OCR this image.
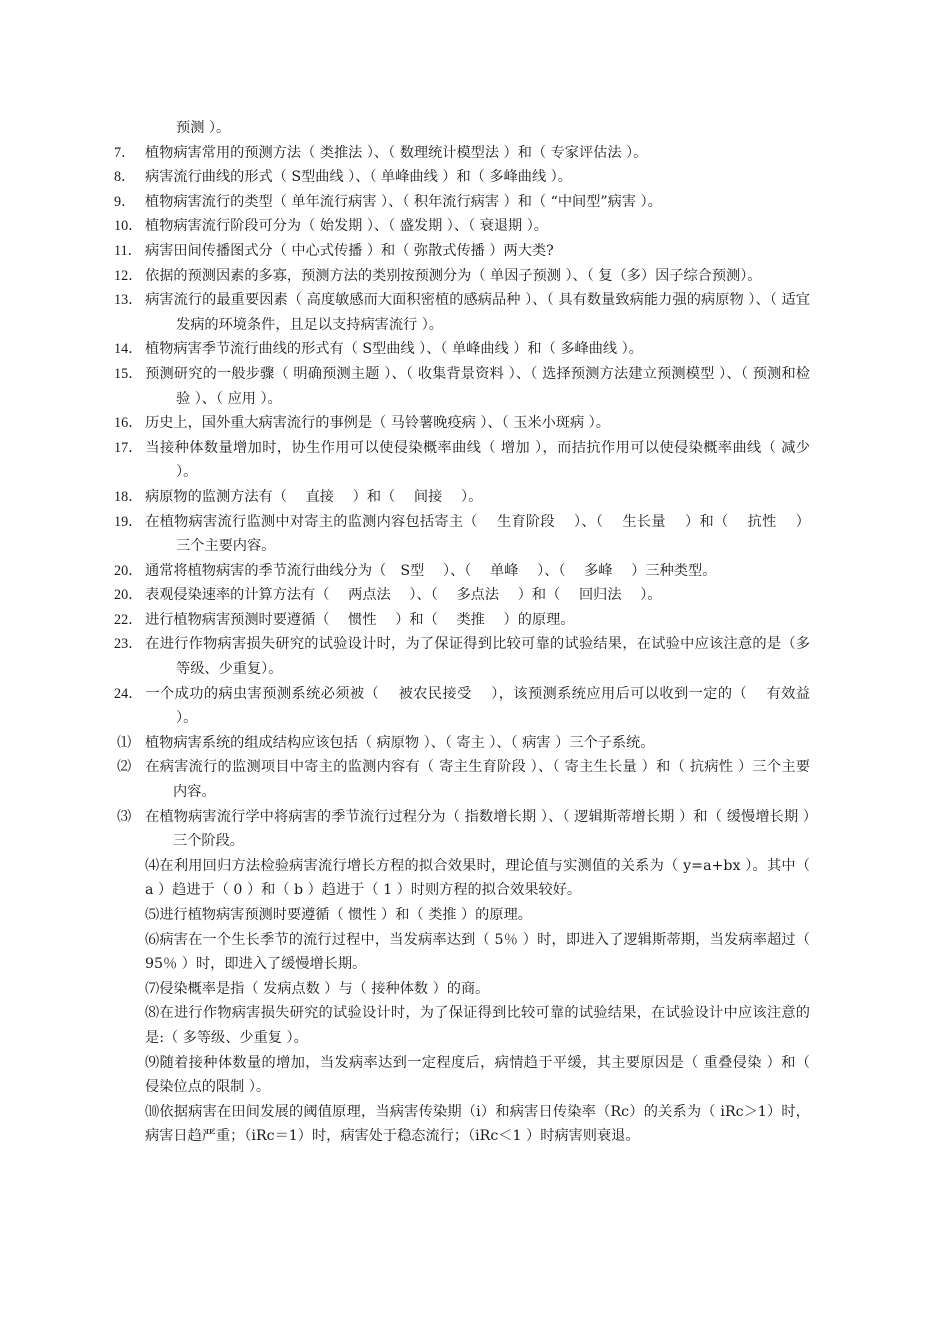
预测 ）。

7． 植物病害常用的预测方法（ 类推法 ）、（ 数理统计模型法 ）和（ 专家评估法 ）。

8． 病害流行曲线的形式（ S型曲线 ）、（ 单峰曲线 ）和（ 多峰曲线 ）。

9． 植物病害流行的类型（ 单年流行病害 ）、（ 积年流行病害 ）和（ “中间型”病害 ）。

10． 植物病害流行阶段可分为（ 始发期 ）、（ 盛发期 ）、（ 衰退期 ）。

11． 病害田间传播图式分（ 中心式传播 ）和（ 弥散式传播 ）两大类?

12． 依据的预测因素的多寡，预测方法的类别按预测分为（ 单因子预测 ）、（ 复（多）因子综合预测）。

13． 病害流行的最重要因素（ 高度敏感而大面积密植的感病品种 ）、（ 具有数量致病能力强的病原物 ）、（ 适宜发病的环境条件，且足以支持病害流行 ）。

14． 植物病害季节流行曲线的形式有（ S型曲线 ）、（ 单峰曲线 ）和（ 多峰曲线 ）。

15． 预测研究的一般步骤（ 明确预测主题 ）、（ 收集背景资料 ）、（ 选择预测方法建立预测模型 ）、（ 预测和检验 ）、（ 应用 ）。

16． 历史上，国外重大病害流行的事例是（ 马铃薯晚疫病 ）、（ 玉米小斑病 ）。

17． 当接种体数量增加时，协生作用可以使侵染概率曲线（ 增加 ），而拮抗作用可以使侵染概率曲线（ 减少 ）。

18． 病原物的监测方法有（　 直接　 ）和（　 间接　 ）。

19． 在植物病害流行监测中对寄主的监测内容包括寄主（　 生育阶段　 ）、（　 生长量　 ）和（　 抗性　 ）三个主要内容。

20． 通常将植物病害的季节流行曲线分为（　S型　 ）、（　 单峰　 ）、（　 多峰　 ）三种类型。

20． 表观侵染速率的计算方法有（　 两点法　 ）、（　 多点法　 ）和（　 回归法　 ）。

22． 进行植物病害预测时要遵循（　 惯性　 ）和（　 类推　 ）的原理。

23． 在进行作物病害损失研究的试验设计时，为了保证得到比较可靠的试验结果，在试验中应该注意的是（多等级、少重复）。

24． 一个成功的病虫害预测系统必须被（　 被农民接受　 ），该预测系统应用后可以收到一定的（　 有效益　 ）。

⑴植物病害系统的组成结构应该包括（ 病原物 ）、（ 寄主 ）、（ 病害 ）三个子系统。

⑵在病害流行的监测项目中寄主的监测内容有（ 寄主生育阶段 ）、（ 寄主生长量 ）和（ 抗病性 ）三个主要内容。

⑶在植物病害流行学中将病害的季节流行过程分为（ 指数增长期 ）、（ 逻辑斯蒂增长期 ）和（ 缓慢增长期 ）三个阶段。

⑷在利用回归方法检验病害流行增长方程的拟合效果时，理论值与实测值的关系为（ y=a+bx ）。其中（ a ）趋进于（ 0 ）和（ b ）趋进于（ 1 ）时则方程的拟合效果较好。

⑸进行植物病害预测时要遵循（ 惯性 ）和（ 类推 ）的原理。

⑹病害在一个生长季节的流行过程中，当发病率达到（ 5％ ）时，即进入了逻辑斯蒂期，当发病率超过（ 95％ ）时，即进入了缓慢增长期。

⑺侵染概率是指（ 发病点数 ）与（ 接种体数 ）的商。

⑻在进行作物病害损失研究的试验设计时，为了保证得到比较可靠的试验结果，在试验设计中应该注意的是:（ 多等级、少重复 ）。

⑼随着接种体数量的增加，当发病率达到一定程度后，病情趋于平缓，其主要原因是（ 重叠侵染 ）和（ 侵染位点的限制 ）。

⑽依据病害在田间发展的阈值原理，当病害传染期（i）和病害日传染率（Rc）的关系为（ iRc＞1）时，病害日趋严重；（iRc＝1）时，病害处于稳态流行；（iRc＜1 ）时病害则衰退。
